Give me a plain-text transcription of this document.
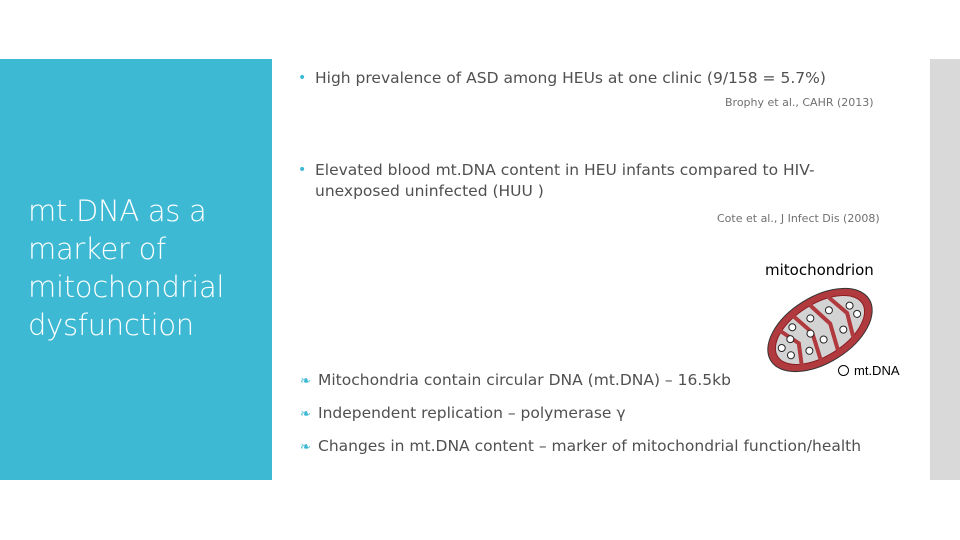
mt.DNA as a
marker of
mitochondrial
dysfunction
• High prevalence of ASD among HEUs at one clinic (9/158 = 5.7%)
Brophy et al., CAHR (2013)
• Elevated blood mt.DNA content in HEU infants compared to HIV-
unexposed uninfected (HUU )
Cote et al., J Infect Dis (2008)
mitochondrion
mt.DNA
❧ Mitochondria contain circular DNA (mt.DNA) – 16.5kb
❧ Independent replication – polymerase γ
❧ Changes in mt.DNA content – marker of mitochondrial function/health
